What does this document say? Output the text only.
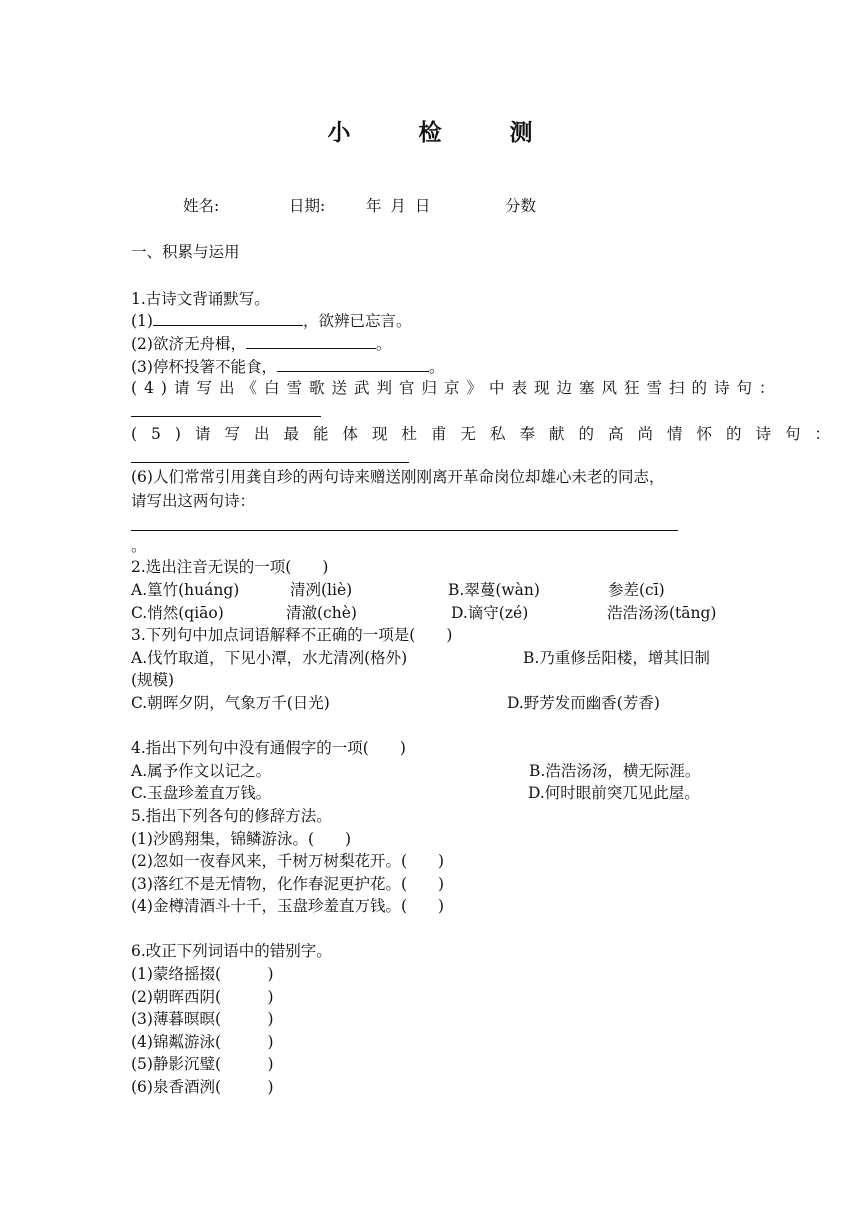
小 检 测
姓名:	日期:	年 月 日	分数
一、积累与运用
1.古诗文背诵默写。
(1)	，欲辨已忘言。
(2)欲济无舟楫，	。
(3)停杯投箸不能食，	。
(4)请写出《白雪歌送武判官归京》中表现边塞风狂雪扫的诗句：
(5)请写出最能体现杜甫无私奉献的高尚情怀的诗句：
(6)人们常常引用龚自珍的两句诗来赠送刚刚离开革命岗位却雄心未老的同志，
请写出这两句诗：
。
2.选出注音无误的一项(　　)
A.篁竹(huáng)	清冽(liè)	B.翠蔓(wàn)	参差(cī)
C.悄然(qiāo)	清澈(chè)	D.谪守(zé)	浩浩汤汤(tāng)
3.下列句中加点词语解释不正确的一项是(　　)
A.伐竹取道，下见小潭，水尤清冽(格外)	B.乃重修岳阳楼，增其旧制
(规模)
C.朝晖夕阴，气象万千(日光)	D.野芳发而幽香(芳香)
4.指出下列句中没有通假字的一项(　　)
A.属予作文以记之。	B.浩浩汤汤，横无际涯。
C.玉盘珍羞直万钱。	D.何时眼前突兀见此屋。
5.指出下列各句的修辞方法。
(1)沙鸥翔集，锦鳞游泳。(　　)
(2)忽如一夜春风来，千树万树梨花开。(　　)
(3)落红不是无情物，化作春泥更护花。(　　)
(4)金樽清酒斗十千，玉盘珍羞直万钱。(　　)
6.改正下列词语中的错别字。
(1)蒙络摇掇(　　　)
(2)朝晖西阴(　　　)
(3)薄暮暝暝(　　　)
(4)锦粼游泳(　　　)
(5)静影沉璧(　　　)
(6)泉香酒洌(　　　)
